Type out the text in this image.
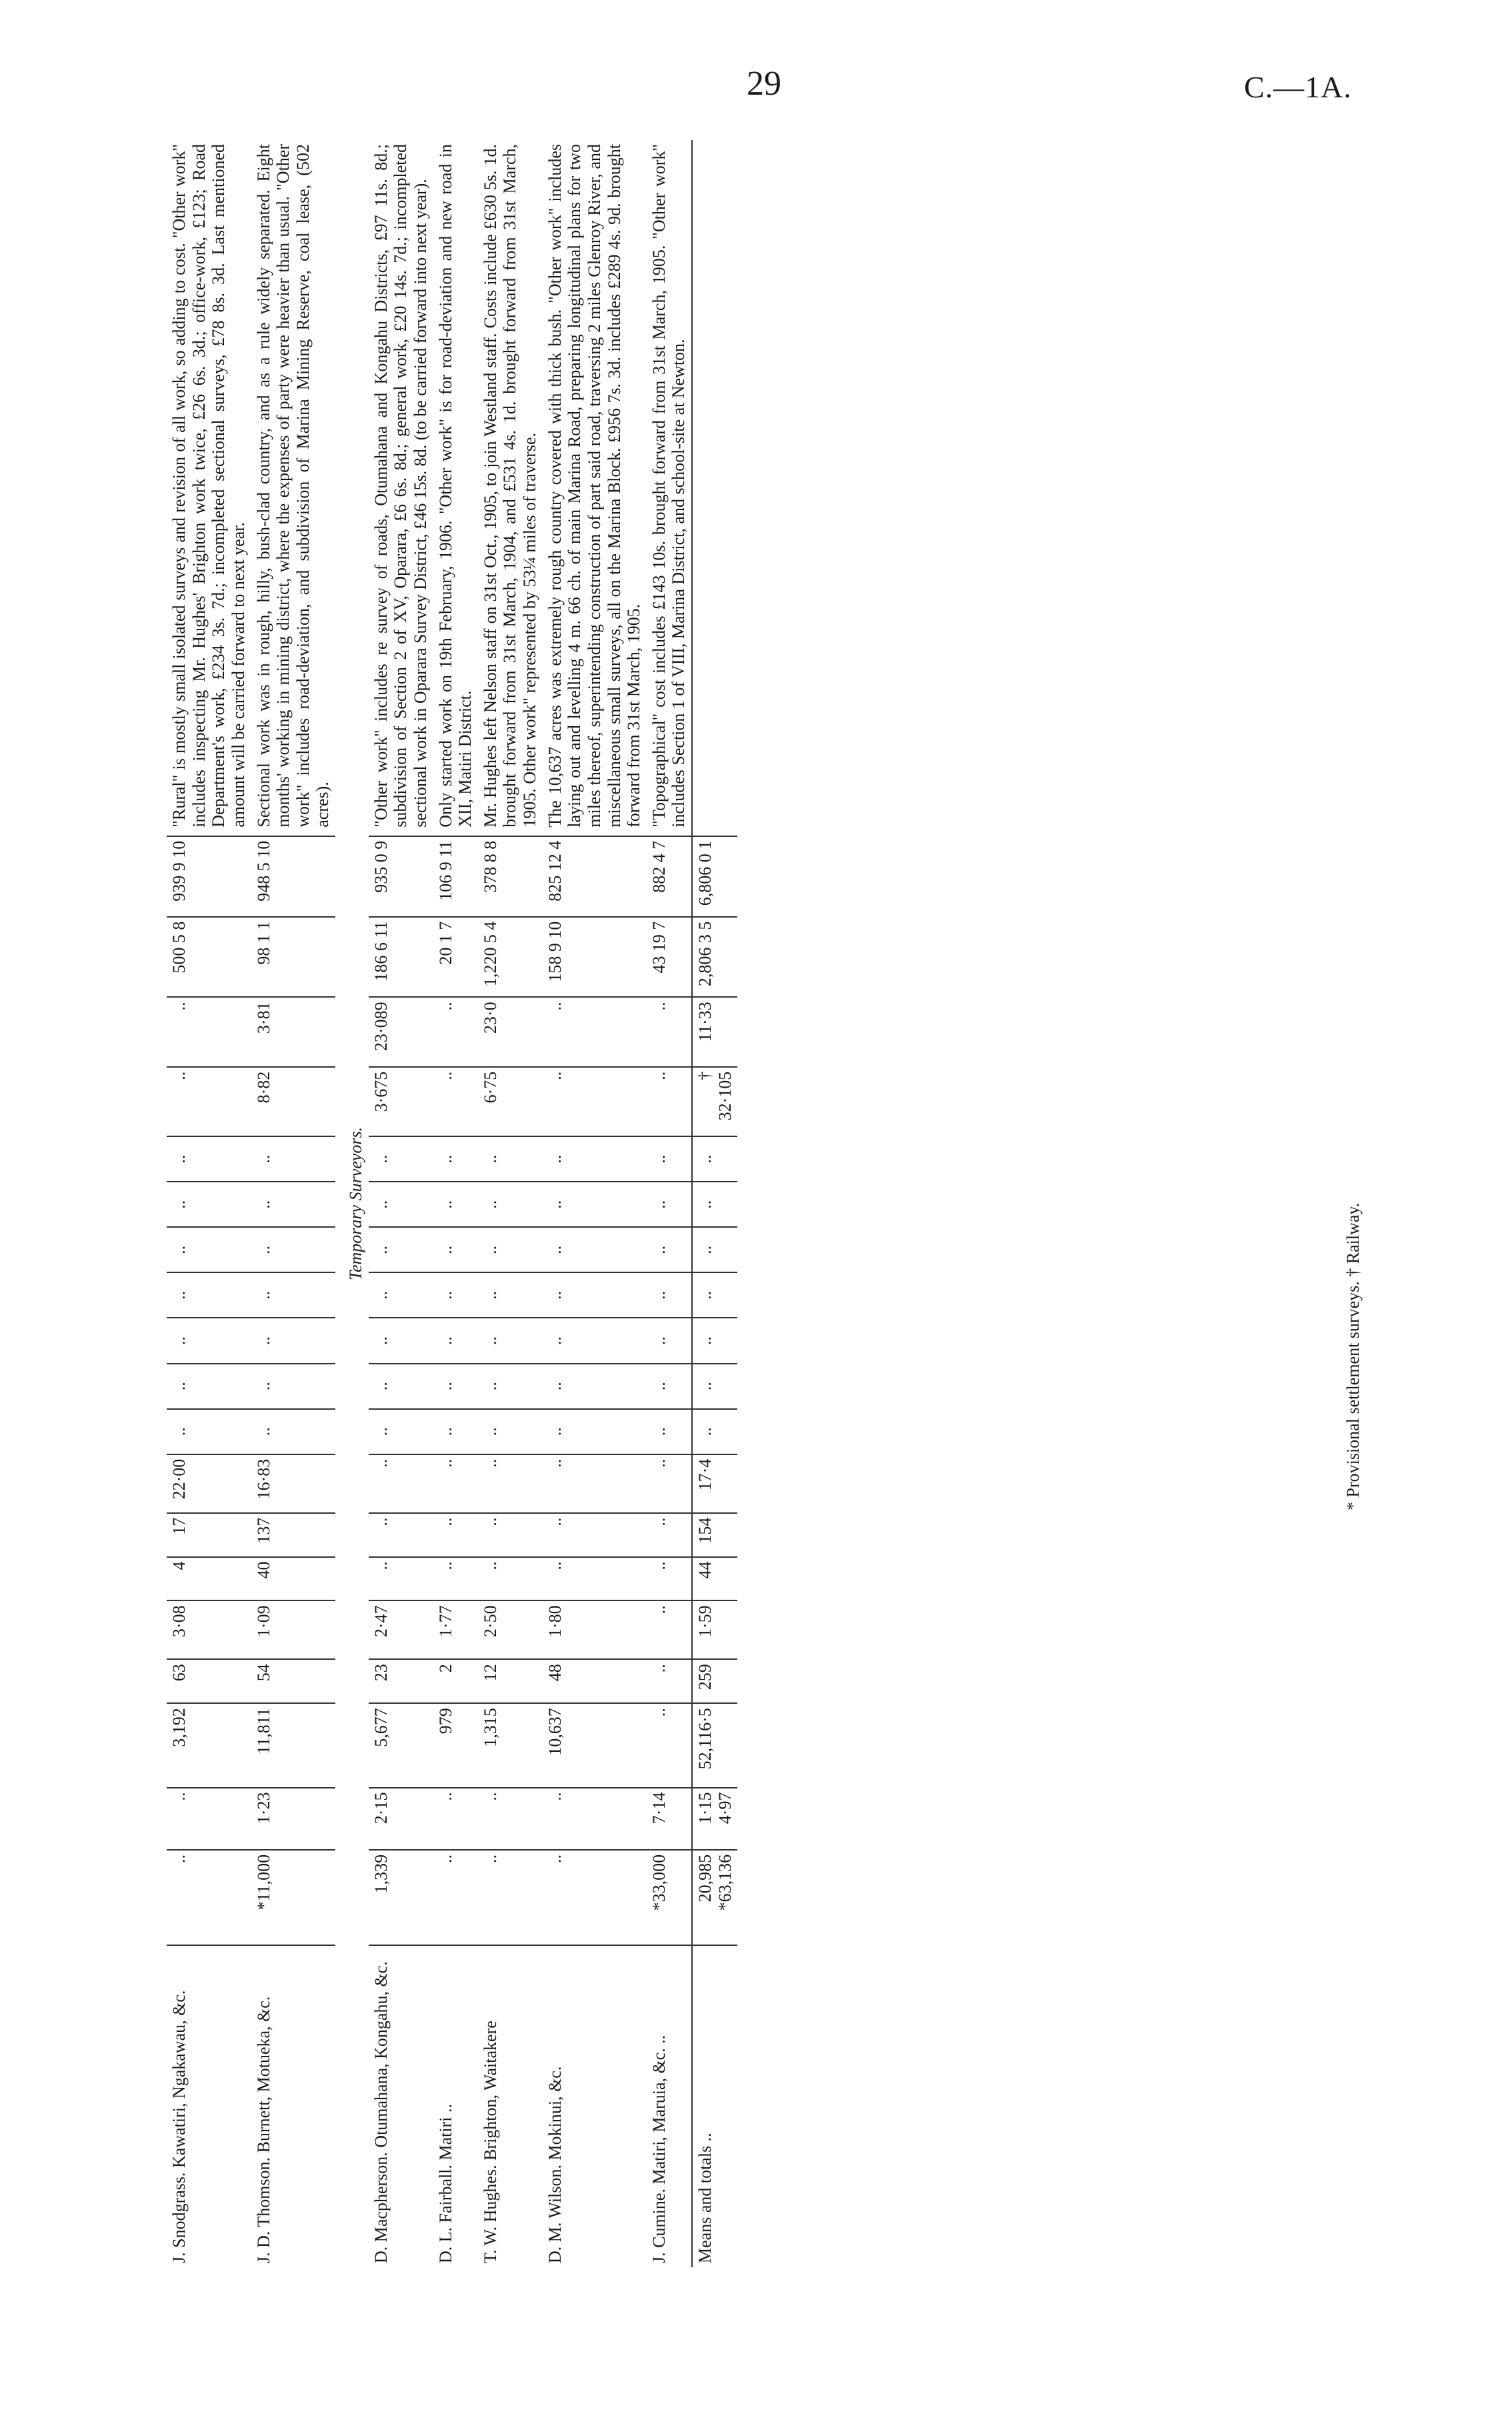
29	C.—1A.
J. Snodgrass. Kawatiri, Ngakawau, &c.	..	..	3,192	63	3·08	4	17	22·00	..	..	..	..	..	..	..	..	..	500 5 8	939 9 10	"Rural" is mostly small isolated surveys and revision of all work, so adding to cost. "Other work" includes inspecting Mr. Hughes' Brighton work twice, £26 6s. 3d.; office-work, £123; Road Department's work, £234 3s. 7d.; incompleted sectional surveys, £78 8s. 3d. Last mentioned amount will be carried forward to next year.
J. D. Thomson. Burnett, Motueka, &c.	*11,000	1·23	11,811	54	1·09	40	137	16·83	..	..	..	..	..	..	..	8·82	3·81	98 1 1	948 5 10	Sectional work was in rough, hilly, bush-clad country, and as a rule widely separated. Eight months' working in mining district, where the expenses of party were heavier than usual. "Other work" includes road-deviation, and subdivision of Marina Mining Reserve, coal lease, (502 acres).
Temporary Surveyors.																				
D. Macpherson. Otumahana, Kongahu, &c.	1,339	2·15	5,677	23	2·47	..	..	..	..	..	..	..	..	..	..	3·675	23·089	186 6 11	935 0 9	"Other work" includes re survey of roads, Otumahana and Kongahu Districts, £97 11s. 8d.; subdivision of Section 2 of XV, Oparara, £6 6s. 8d.; general work, £20 14s. 7d.; incompleted sectional work in Oparara Survey District, £46 15s. 8d. (to be carried forward into next year).
D. L. Fairball. Matiri ..	..	..	979	2	1·77	..	..	..	..	..	..	..	..	..	..	..	..	20 1 7	106 9 11	Only started work on 19th February, 1906. "Other work" is for road-deviation and new road in XII, Matiri District.
T. W. Hughes. Brighton, Waitakere	..	..	1,315	12	2·50	..	..	..	..	..	..	..	..	..	..	6·75	23·0	1,220 5 4	378 8 8	Mr. Hughes left Nelson staff on 31st Oct., 1905, to join Westland staff. Costs include £630 5s. 1d. brought forward from 31st March, 1904, and £531 4s. 1d. brought forward from 31st March, 1905. Other work" represented by 53¼ miles of traverse.
D. M. Wilson. Mokinui, &c.	..	..	10,637	48	1·80	..	..	..	..	..	..	..	..	..	..	..	..	158 9 10	825 12 4	The 10,637 acres was extremely rough country covered with thick bush. "Other work" includes laying out and levelling 4 m. 66 ch. of main Marina Road, preparing longitudinal plans for two miles thereof, superintending construction of part said road, traversing 2 miles Glenroy River, and miscellaneous small surveys, all on the Marina Block. £956 7s. 3d. includes £289 4s. 9d. brought forward from 31st March, 1905.
J. Cumine. Matiri, Maruia, &c. ..	*33,000	7·14	..	..	..	..	..	..	..	..	..	..	..	..	..	..	..	43 19 7	882 4 7	"Topographical" cost includes £143 10s. brought forward from 31st March, 1905. "Other work" includes Section 1 of VIII, Marina District, and school-site at Newton.
Means and totals ..	20,985 *63,136	1·15 4·97	52,116·5	259	1·59	44	154	17·4	..	..	..	..	..	..	..	† 32·105	11·33	2,806 3 5	6,806 0 1	
* Provisional settlement surveys. † Railway.
